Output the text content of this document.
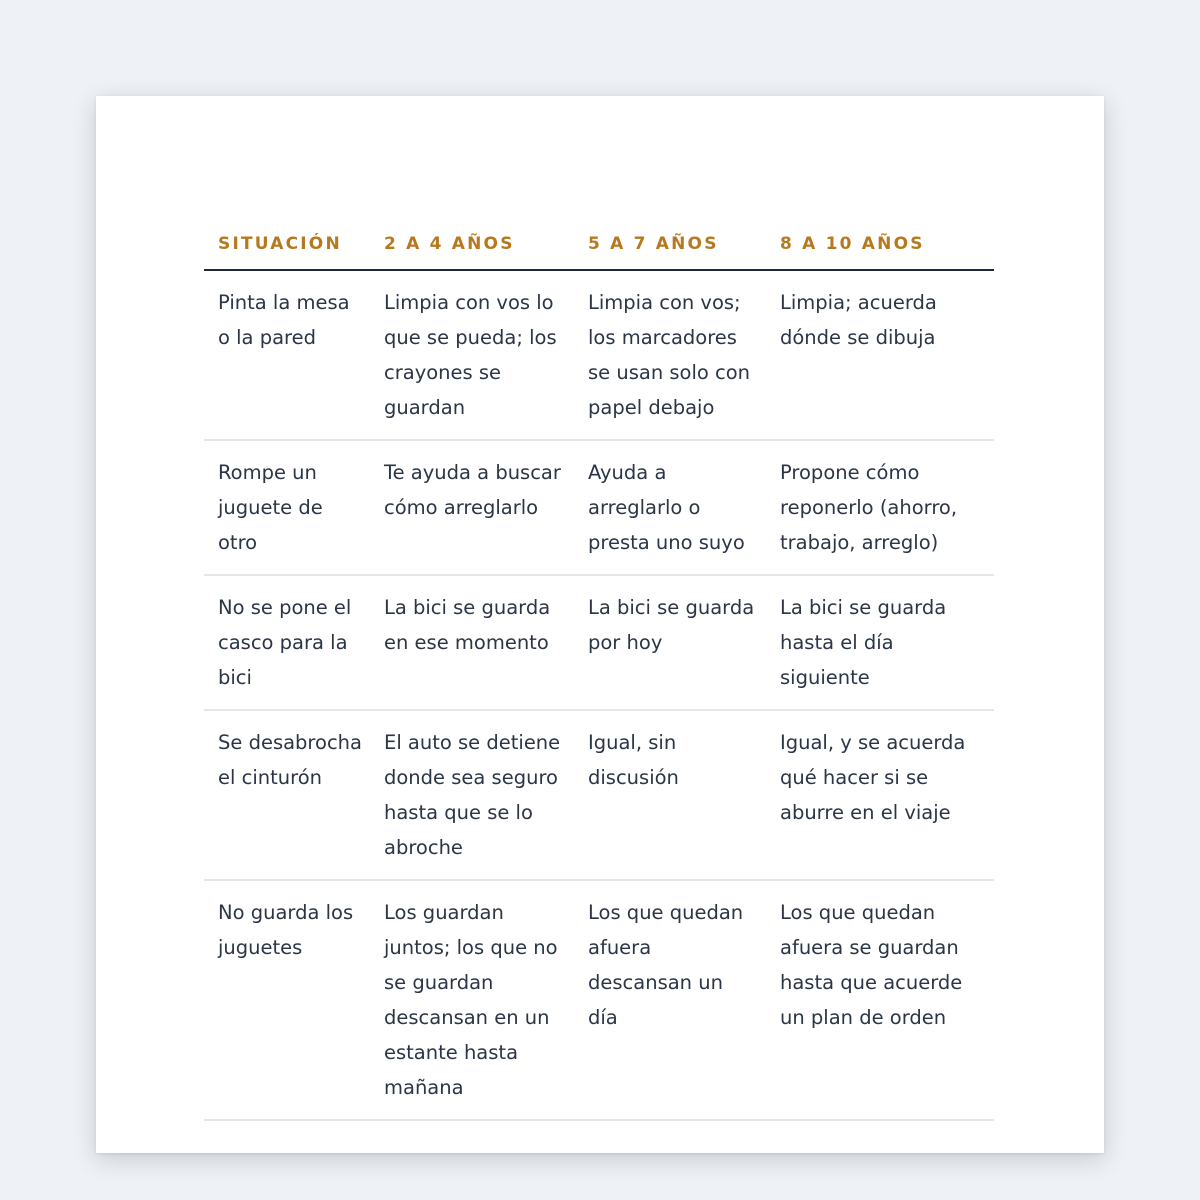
SITUACIÓN	2 A 4 AÑOS	5 A 7 AÑOS	8 A 10 AÑOS
Pinta la mesa o la pared	Limpia con vos lo que se pueda; los crayones se guardan	Limpia con vos; los marcadores se usan solo con papel debajo	Limpia; acuerda dónde se dibuja
Rompe un juguete de otro	Te ayuda a buscar cómo arreglarlo	Ayuda a arreglarlo o presta uno suyo	Propone cómo reponerlo (ahorro, trabajo, arreglo)
No se pone el casco para la bici	La bici se guarda en ese momento	La bici se guarda por hoy	La bici se guarda hasta el día siguiente
Se desabrocha el cinturón	El auto se detiene donde sea seguro hasta que se lo abroche	Igual, sin discusión	Igual, y se acuerda qué hacer si se aburre en el viaje
No guarda los juguetes	Los guardan juntos; los que no se guardan descansan en un estante hasta mañana	Los que quedan afuera descansan un día	Los que quedan afuera se guardan hasta que acuerde un plan de orden
